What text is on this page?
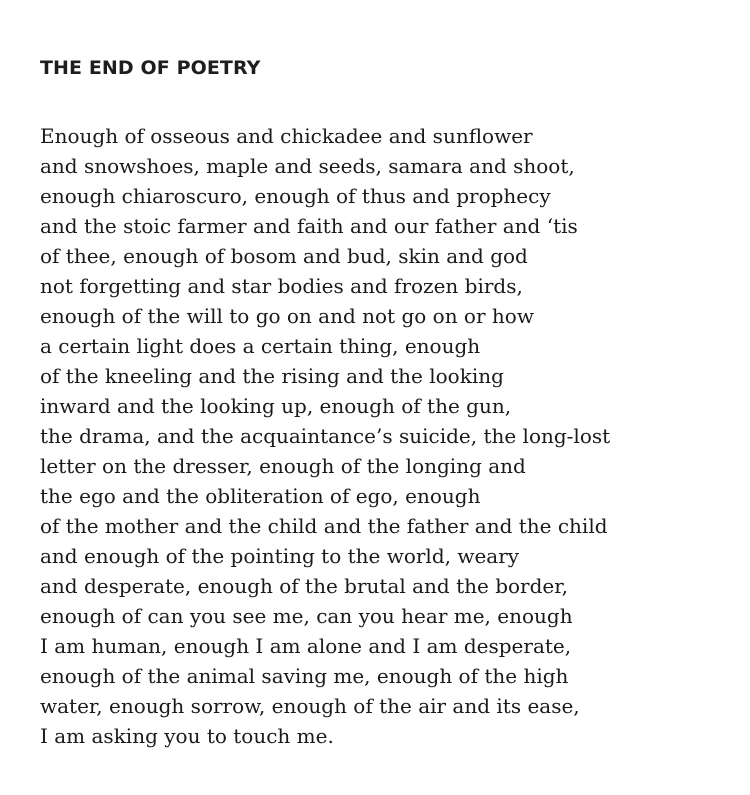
THE END OF POETRY
Enough of osseous and chickadee and sunflower
and snowshoes, maple and seeds, samara and shoot,
enough chiaroscuro, enough of thus and prophecy
and the stoic farmer and faith and our father and ‘tis
of thee, enough of bosom and bud, skin and god
not forgetting and star bodies and frozen birds,
enough of the will to go on and not go on or how
a certain light does a certain thing, enough
of the kneeling and the rising and the looking
inward and the looking up, enough of the gun,
the drama, and the acquaintance’s suicide, the long-lost
letter on the dresser, enough of the longing and
the ego and the obliteration of ego, enough
of the mother and the child and the father and the child
and enough of the pointing to the world, weary
and desperate, enough of the brutal and the border,
enough of can you see me, can you hear me, enough
I am human, enough I am alone and I am desperate,
enough of the animal saving me, enough of the high
water, enough sorrow, enough of the air and its ease,
I am asking you to touch me.
